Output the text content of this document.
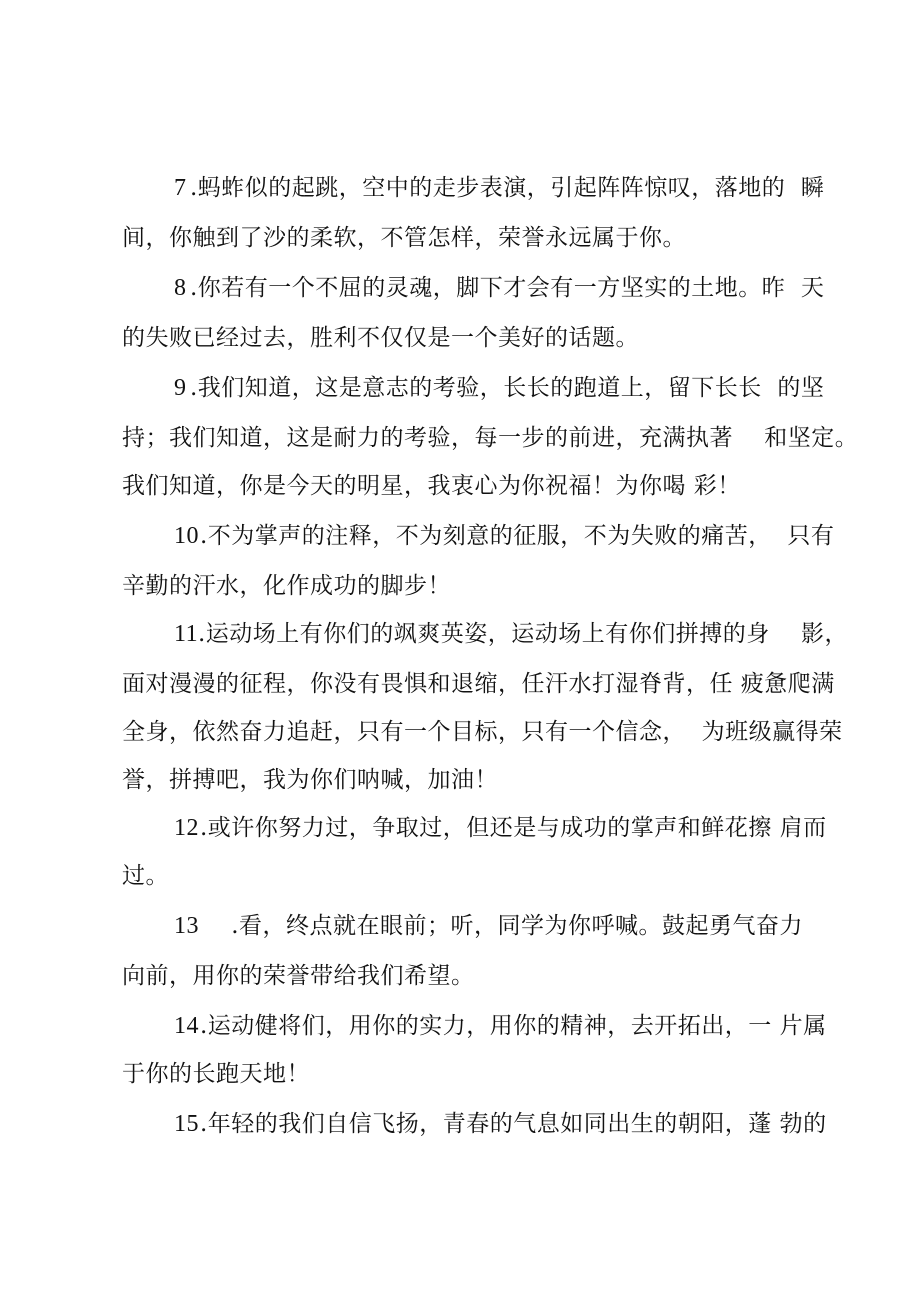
7 .蚂蚱似的起跳，空中的走步表演，引起阵阵惊叹，落地的  瞬
间，你触到了沙的柔软，不管怎样，荣誉永远属于你。
8 .你若有一个不屈的灵魂，脚下才会有一方坚实的土地。昨  天
的失败已经过去，胜利不仅仅是一个美好的话题。
9 .我们知道，这是意志的考验，长长的跑道上，留下长长  的坚
持；我们知道，这是耐力的考验，每一步的前进，充满执著    和坚定。
我们知道，你是今天的明星，我衷心为你祝福！为你喝 彩！
10 .不为掌声的注释，不为刻意的征服，不为失败的痛苦，  只有
辛勤的汗水，化作成功的脚步！
11 .运动场上有你们的飒爽英姿，运动场上有你们拼搏的身    影，
面对漫漫的征程，你没有畏惧和退缩，任汗水打湿脊背，任 疲惫爬满
全身，依然奋力追赶，只有一个目标，只有一个信念，  为班级赢得荣
誉，拼搏吧，我为你们呐喊，加油！
12 .或许你努力过，争取过，但还是与成功的掌声和鲜花擦 肩而
过。
13 .看，终点就在眼前；听，同学为你呼喊。鼓起勇气奋力
向前，用你的荣誉带给我们希望。
14 .运动健将们，用你的实力，用你的精神，去开拓出，一 片属
于你的长跑天地！
15 .年轻的我们自信飞扬，青春的气息如同出生的朝阳，蓬 勃的
